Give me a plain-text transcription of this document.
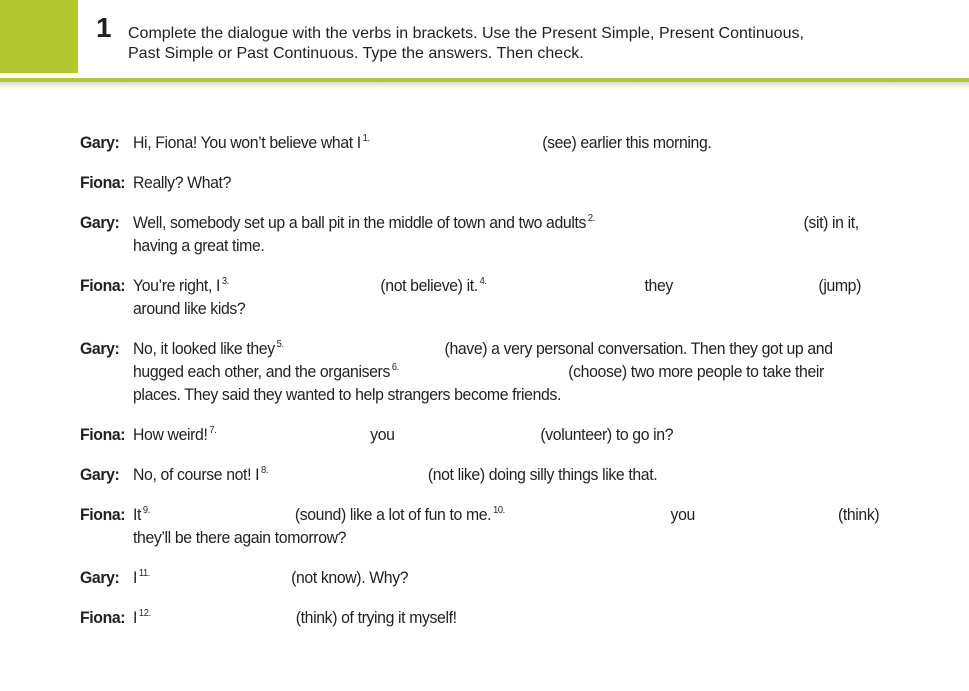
1 Complete the dialogue with the verbs in brackets. Use the Present Simple, Present Continuous,
Past Simple or Past Continuous. Type the answers. Then check.
Gary: Hi, Fiona! You won’t believe what I $^{1.}$	(see) earlier this morning.
Fiona: Really? What?
Gary: Well, somebody set up a ball pit in the middle of town and two adults $^{2.}$	(sit) in it,
having a great time.
Fiona: You’re right, I $^{3.}$	(not believe) it. $^{4.}$	they	(jump)
around like kids?
Gary: No, it looked like they $^{5.}$	(have) a very personal conversation. Then they got up and
hugged each other, and the organisers $^{6.}$	(choose) two more people to take their
places. They said they wanted to help strangers become friends.
Fiona: How weird! $^{7.}$	you	(volunteer) to go in?
Gary: No, of course not! I $^{8.}$	(not like) doing silly things like that.
Fiona: It $^{9.}$	(sound) like a lot of fun to me. $^{10.}$	you	(think)
they’ll be there again tomorrow?
Gary: I $^{11.}$	(not know). Why?
Fiona: I $^{12.}$	(think) of trying it myself!
